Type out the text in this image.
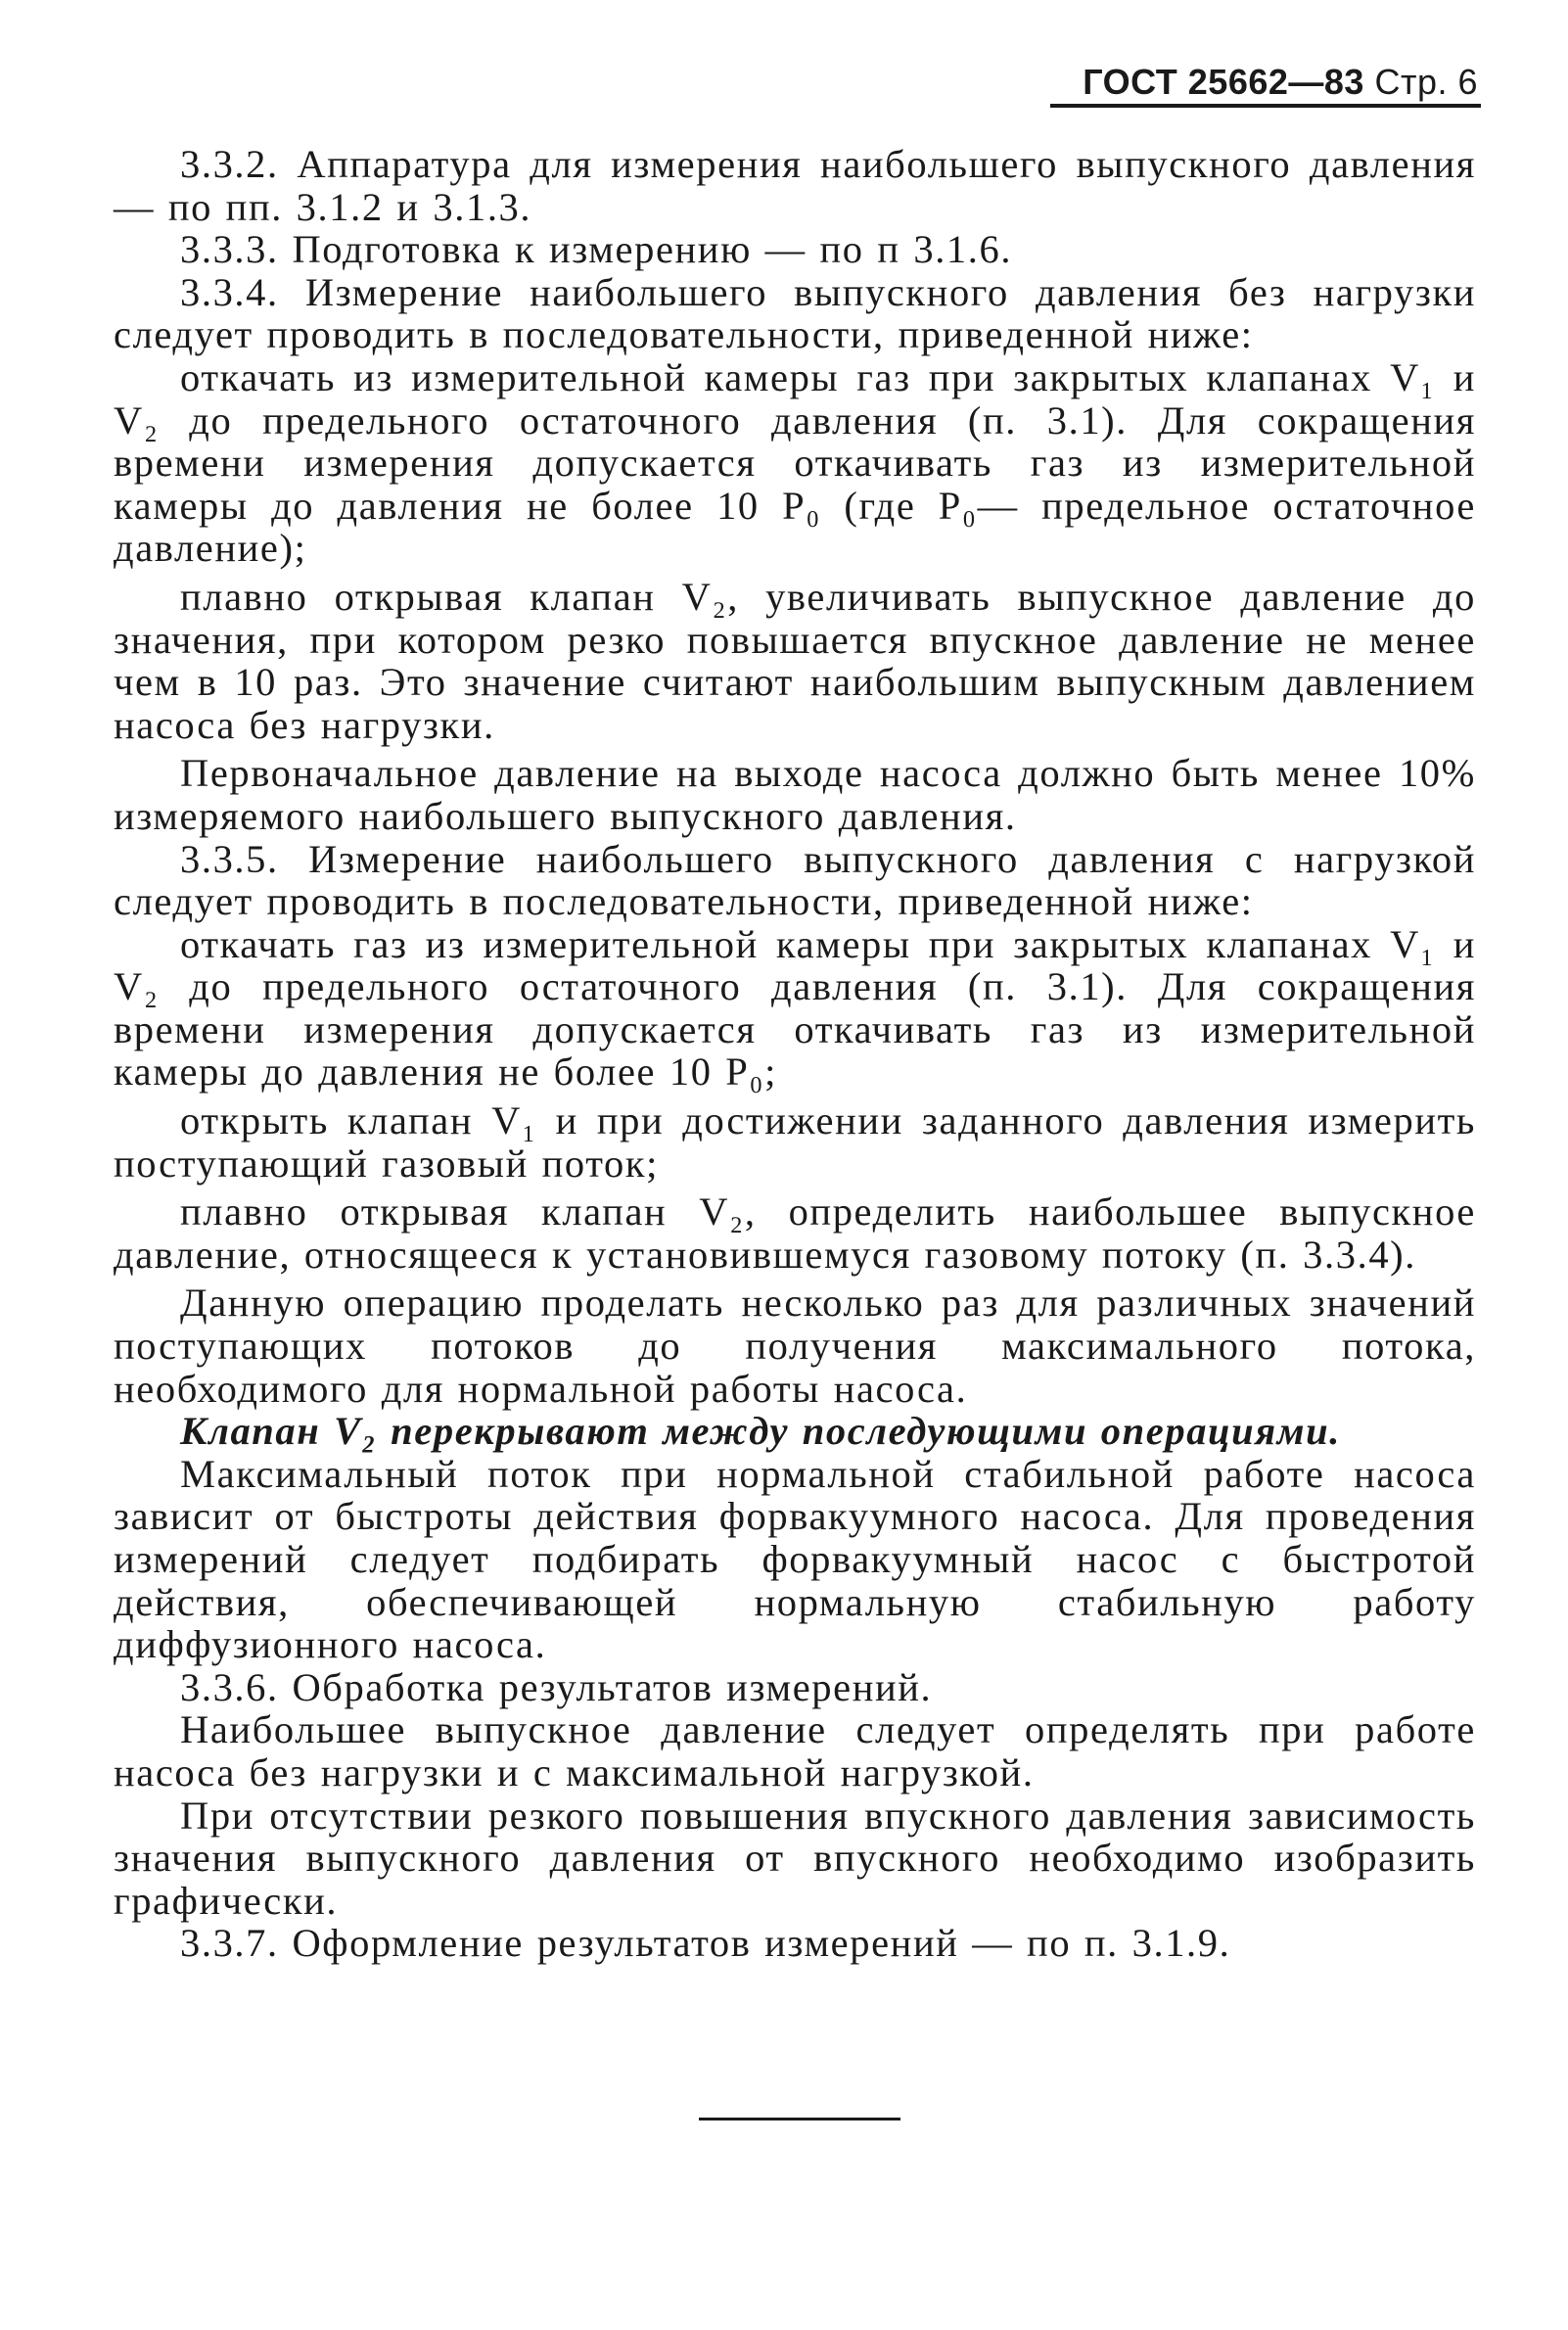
ГОСТ 25662—83 Стр. 6

3.3.2. Аппаратура для измерения наибольшего выпускного давления — по пп. 3.1.2 и 3.1.3.

3.3.3. Подготовка к измерению — по п 3.1.6.

3.3.4. Измерение наибольшего выпускного давления без нагрузки следует проводить в последовательности, приведенной ниже:

откачать из измерительной камеры газ при закрытых клапанах V₁ и V₂ до предельного остаточного давления (п. 3.1). Для сокращения времени измерения допускается откачивать газ из измерительной камеры до давления не более 10 P₀ (где P₀— предельное остаточное давление);

плавно открывая клапан V₂, увеличивать выпускное давление до значения, при котором резко повышается впускное давление не менее чем в 10 раз. Это значение считают наибольшим выпускным давлением насоса без нагрузки.

Первоначальное давление на выходе насоса должно быть менее 10% измеряемого наибольшего выпускного давления.

3.3.5. Измерение наибольшего выпускного давления с нагрузкой следует проводить в последовательности, приведенной ниже:

откачать газ из измерительной камеры при закрытых клапанах V₁ и V₂ до предельного остаточного давления (п. 3.1). Для сокращения времени измерения допускается откачивать газ из измерительной камеры до давления не более 10 P₀;

открыть клапан V₁ и при достижении заданного давления измерить поступающий газовый поток;

плавно открывая клапан V₂, определить наибольшее выпускное давление, относящееся к установившемуся газовому потоку (п. 3.3.4).

Данную операцию проделать несколько раз для различных значений поступающих потоков до получения максимального потока, необходимого для нормальной работы насоса.

Клапан V₂ перекрывают между последующими операциями.

Максимальный поток при нормальной стабильной работе насоса зависит от быстроты действия форвакуумного насоса. Для проведения измерений следует подбирать форвакуумный насос с быстротой действия, обеспечивающей нормальную стабильную работу диффузионного насоса.

3.3.6. Обработка результатов измерений.

Наибольшее выпускное давление следует определять при работе насоса без нагрузки и с максимальной нагрузкой.

При отсутствии резкого повышения впускного давления зависимость значения выпускного давления от впускного необходимо изобразить графически.

3.3.7. Оформление результатов измерений — по п. 3.1.9.
